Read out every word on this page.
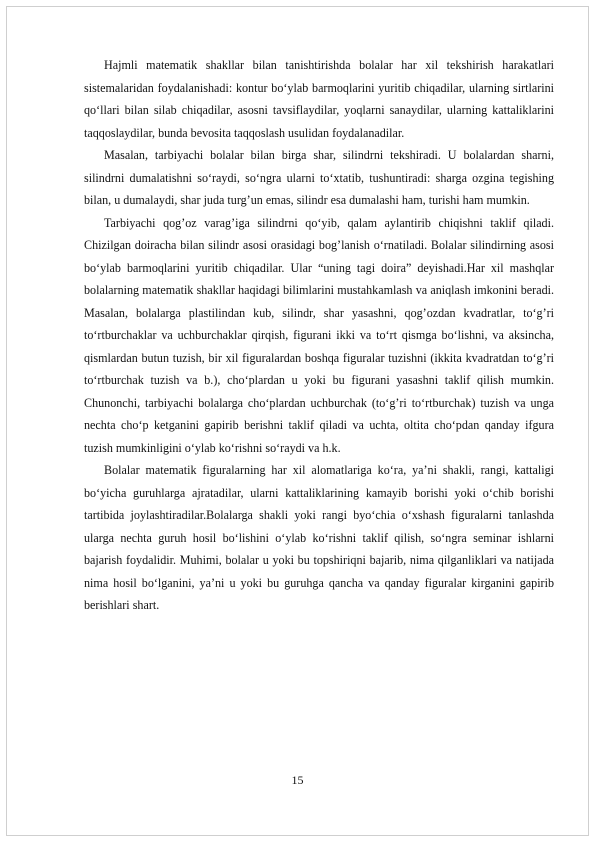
Hajmli matematik shakllar bilan tanishtirishda bolalar har xil tekshirish harakatlari sistemalaridan foydalanishadi: kontur bo‘ylab barmoqlarini yuritib chiqadilar, ularning sirtlarini qo‘llari bilan silab chiqadilar, asosni tavsiflaydilar, yoqlarni sanaydilar, ularning kattaliklarini taqqoslaydilar, bunda bevosita taqqoslash usulidan foydalanadilar.

Masalan, tarbiyachi bolalar bilan birga shar, silindrni tekshiradi. U bolalardan sharni, silindrni dumalatishni so‘raydi, so‘ngra ularni to‘xtatib, tushuntiradi: sharga ozgina tegishing bilan, u dumalaydi, shar juda turg’un emas, silindr esa dumalashi ham, turishi ham mumkin.

Tarbiyachi qog’oz varag’iga silindrni qo‘yib, qalam aylantirib chiqishni taklif qiladi. Chizilgan doiracha bilan silindr asosi orasidagi bog’lanish o‘rnatiladi. Bolalar silindirning asosi bo‘ylab barmoqlarini yuritib chiqadilar. Ular “uning tagi doira” deyishadi.Har xil mashqlar bolalarning matematik shakllar haqidagi bilimlarini mustahkamlash va aniqlash imkonini beradi. Masalan, bolalarga plastilindan kub, silindr, shar yasashni, qog’ozdan kvadratlar, to‘g’ri to‘rtburchaklar va uchburchaklar qirqish, figurani ikki va to‘rt qismga bo‘lishni, va aksincha, qismlardan butun tuzish, bir xil figuralardan boshqa figuralar tuzishni (ikkita kvadratdan to‘g’ri to‘rtburchak tuzish va b.), cho‘plardan u yoki bu figurani yasashni taklif qilish mumkin. Chunonchi, tarbiyachi bolalarga cho‘plardan uchburchak (to‘g’ri to‘rtburchak) tuzish va unga nechta cho‘p ketganini gapirib berishni taklif qiladi va uchta, oltita cho‘pdan qanday ifgura tuzish mumkinligini o‘ylab ko‘rishni so‘raydi va h.k.

Bolalar matematik figuralarning har xil alomatlariga ko‘ra, ya’ni shakli, rangi, kattaligi bo‘yicha guruhlarga ajratadilar, ularni kattaliklarining kamayib borishi yoki o‘chib borishi tartibida joylashtiradilar.Bolalarga shakli yoki rangi byo‘chia o‘xshash figuralarni tanlashda ularga nechta guruh hosil bo‘lishini o‘ylab ko‘rishni taklif qilish, so‘ngra seminar ishlarni bajarish foydalidir. Muhimi, bolalar u yoki bu topshiriqni bajarib, nima qilganliklari va natijada nima hosil bo‘lganini, ya’ni u yoki bu guruhga qancha va qanday figuralar kirganini gapirib berishlari shart.

15
